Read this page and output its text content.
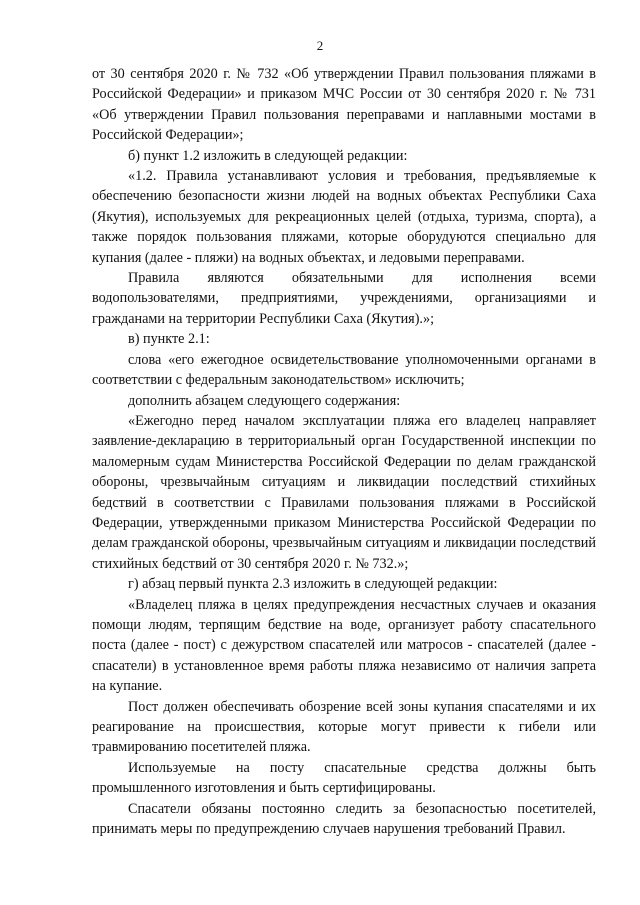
2

от 30 сентября 2020 г. № 732 «Об утверждении Правил пользования пляжами в Российской Федерации» и приказом МЧС России от 30 сентября 2020 г. № 731 «Об утверждении Правил пользования переправами и наплавными мостами в Российской Федерации»;

б) пункт 1.2 изложить в следующей редакции:

«1.2. Правила устанавливают условия и требования, предъявляемые к обеспечению безопасности жизни людей на водных объектах Республики Саха (Якутия), используемых для рекреационных целей (отдыха, туризма, спорта), а также порядок пользования пляжами, которые оборудуются специально для купания (далее - пляжи) на водных объектах, и ледовыми переправами.

Правила являются обязательными для исполнения всеми водопользователями, предприятиями, учреждениями, организациями и гражданами на территории Республики Саха (Якутия).»;

в) пункте 2.1:

слова «его ежегодное освидетельствование уполномоченными органами в соответствии с федеральным законодательством» исключить;

дополнить абзацем следующего содержания:

«Ежегодно перед началом эксплуатации пляжа его владелец направляет заявление-декларацию в территориальный орган Государственной инспекции по маломерным судам Министерства Российской Федерации по делам гражданской обороны, чрезвычайным ситуациям и ликвидации последствий стихийных бедствий в соответствии с Правилами пользования пляжами в Российской Федерации, утвержденными приказом Министерства Российской Федерации по делам гражданской обороны, чрезвычайным ситуациям и ликвидации последствий стихийных бедствий от 30 сентября 2020 г. № 732.»;

г) абзац первый пункта 2.3 изложить в следующей редакции:

«Владелец пляжа в целях предупреждения несчастных случаев и оказания помощи людям, терпящим бедствие на воде, организует работу спасательного поста (далее - пост) с дежурством спасателей или матросов - спасателей (далее - спасатели) в установленное время работы пляжа независимо от наличия запрета на купание.

Пост должен обеспечивать обозрение всей зоны купания спасателями и их реагирование на происшествия, которые могут привести к гибели или травмированию посетителей пляжа.

Используемые на посту спасательные средства должны быть промышленного изготовления и быть сертифицированы.

Спасатели обязаны постоянно следить за безопасностью посетителей, принимать меры по предупреждению случаев нарушения требований Правил.
